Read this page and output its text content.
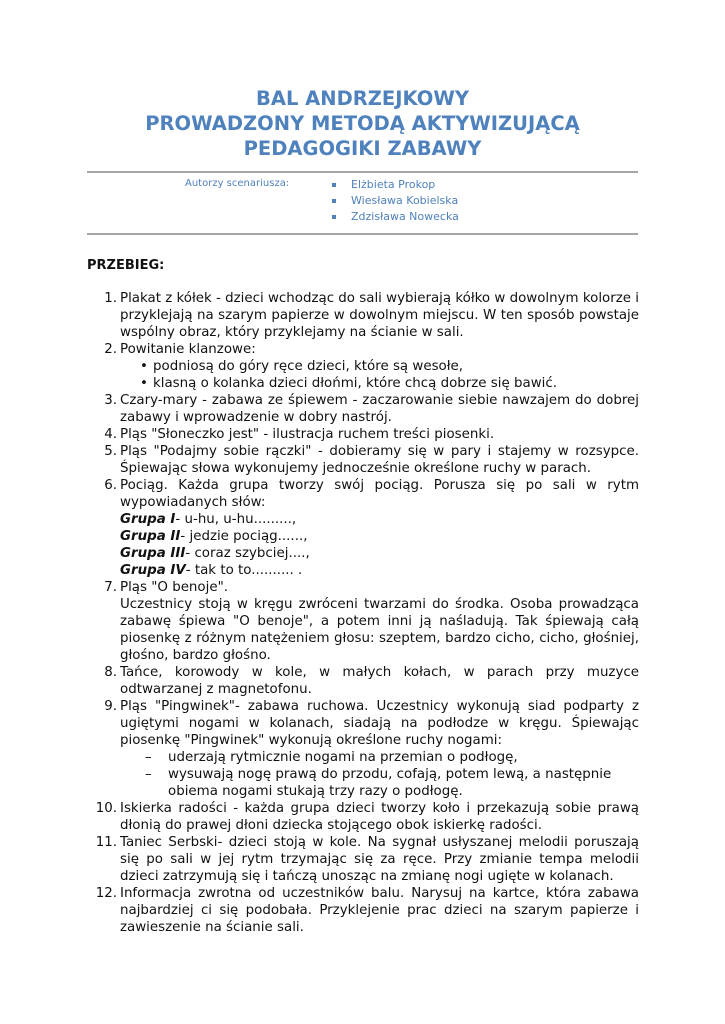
BAL ANDRZEJKOWY
PROWADZONY METODĄ AKTYWIZUJĄCĄ
PEDAGOGIKI ZABAWY
Autorzy scenariusza:	Elżbieta Prokop
Wiesława Kobielska
Zdzisława Nowecka
PRZEBIEG:
1. Plakat z kółek - dzieci wchodząc do sali wybierają kółko w dowolnym kolorze i przyklejają na szarym papierze w dowolnym miejscu. W ten sposób powstaje wspólny obraz, który przyklejamy na ścianie w sali.
2. Powitanie klanzowe:
• podniosą do góry ręce dzieci, które są wesołe,
• klasną o kolanka dzieci dłońmi, które chcą dobrze się bawić.
3. Czary-mary - zabawa ze śpiewem - zaczarowanie siebie nawzajem do dobrej zabawy i wprowadzenie w dobry nastrój.
4. Pląs "Słoneczko jest" - ilustracja ruchem treści piosenki.
5. Pląs "Podajmy sobie rączki" - dobieramy się w pary i stajemy w rozsypce. Śpiewając słowa wykonujemy jednocześnie określone ruchy w parach.
6. Pociąg. Każda grupa tworzy swój pociąg. Porusza się po sali w rytm wypowiadanych słów:
Grupa I- u-hu, u-hu.........,
Grupa II- jedzie pociąg......,
Grupa III- coraz szybciej....,
Grupa IV- tak to to.......... .
7. Pląs "O benoje".
Uczestnicy stoją w kręgu zwróceni twarzami do środka. Osoba prowadząca zabawę śpiewa "O benoje", a potem inni ją naśladują. Tak śpiewają całą piosenkę z różnym natężeniem głosu: szeptem, bardzo cicho, cicho, głośniej, głośno, bardzo głośno.
8. Tańce, korowody w kole, w małych kołach, w parach przy muzyce odtwarzanej z magnetofonu.
9. Pląs "Pingwinek"- zabawa ruchowa. Uczestnicy wykonują siad podparty z ugiętymi nogami w kolanach, siadają na podłodze w kręgu. Śpiewając piosenkę "Pingwinek" wykonują określone ruchy nogami:
– uderzają rytmicznie nogami na przemian o podłogę,
– wysuwają nogę prawą do przodu, cofają, potem lewą, a następnie obiema nogami stukają trzy razy o podłogę.
10. Iskierka radości - każda grupa dzieci tworzy koło i przekazują sobie prawą dłonią do prawej dłoni dziecka stojącego obok iskierkę radości.
11. Taniec Serbski- dzieci stoją w kole. Na sygnał usłyszanej melodii poruszają się po sali w jej rytm trzymając się za ręce. Przy zmianie tempa melodii dzieci zatrzymują się i tańczą unosząc na zmianę nogi ugięte w kolanach.
12. Informacja zwrotna od uczestników balu. Narysuj na kartce, która zabawa najbardziej ci się podobała. Przyklejenie prac dzieci na szarym papierze i zawieszenie na ścianie sali.
